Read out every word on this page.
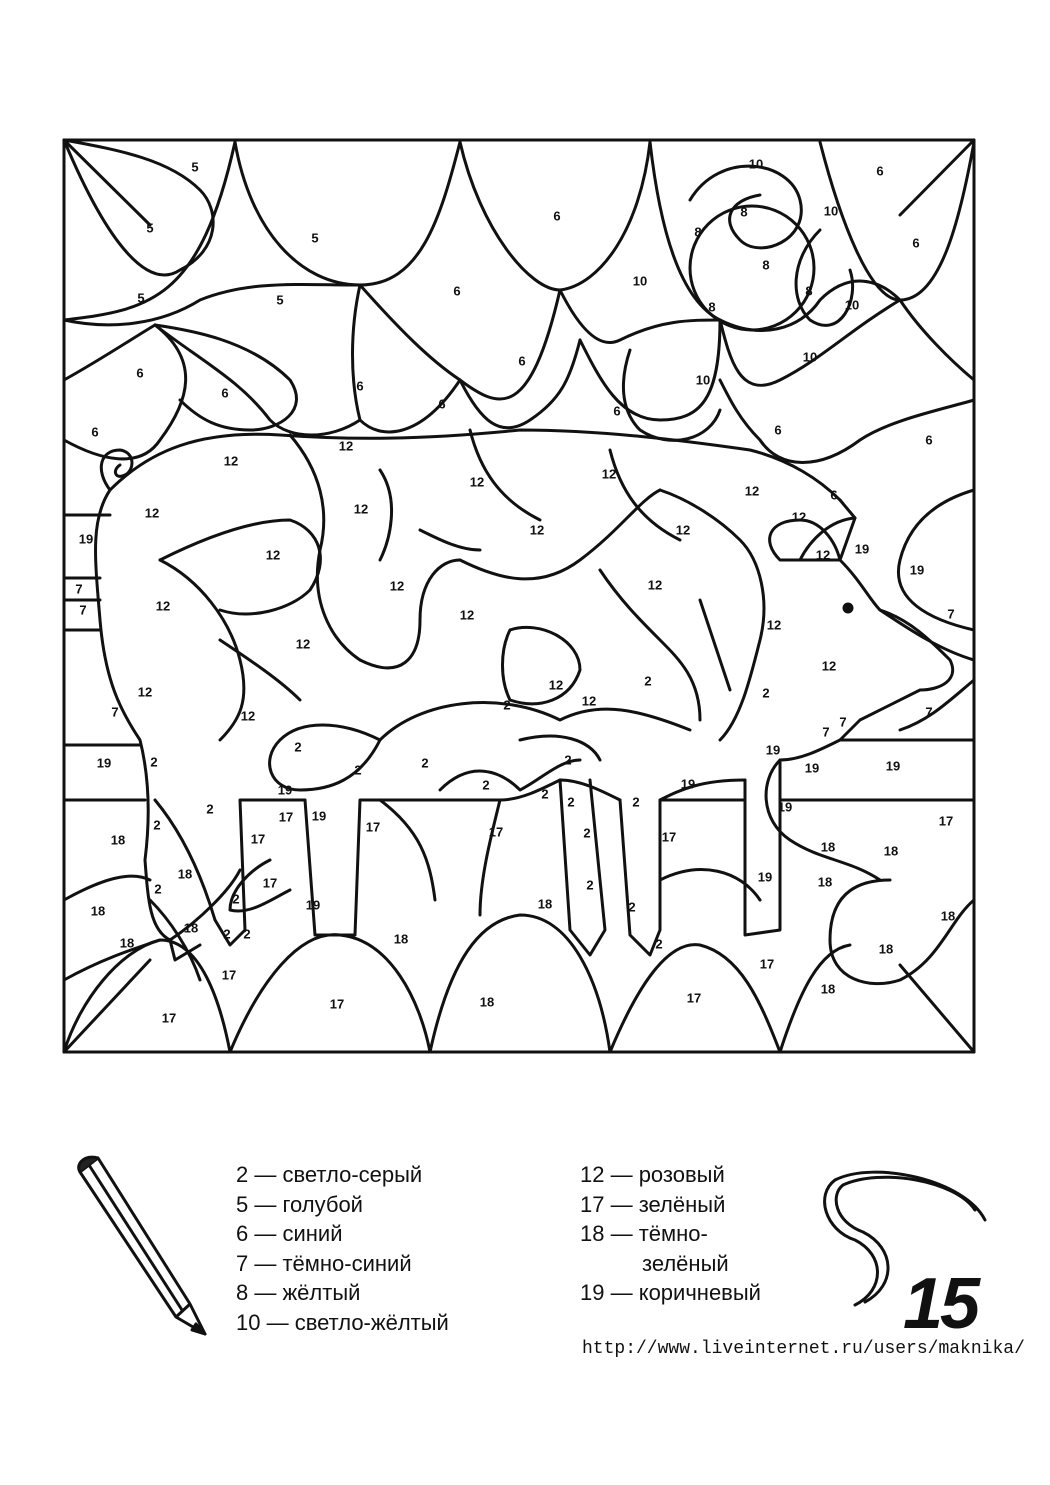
5
5
5
5	5
6
6
6
6
10
8	10
8
8
10
8
8
10
10
10
6
6	6
6
6	6
6	6
6
12
12
12
12
12	6
12	12
12	12
12
19
12	12 19
19
7
7	12
12	12
12	7
12
12
12
2
12
12
12
2
2
7	12	7
7
7
2
19	2
2	2
19
19	19
2
2
19	2
19
2
17 19
17
2	2	19
17
18
2
17	17	2	17
18	18
18
17
2	2
19	18
2	19	18	2
18	18
2 2
18
18	18	2	18
17
17
18
17	18	17
17
2 — светло-серый
5 — голубой
6 — синий
7 — тёмно-синий
8 — жёлтый
10 — светло-жёлтый
12 — розовый
17 — зелёный
18 — тёмно-
зелёный
19 — коричневый 15
http://www.liveinternet.ru/users/maknika/
